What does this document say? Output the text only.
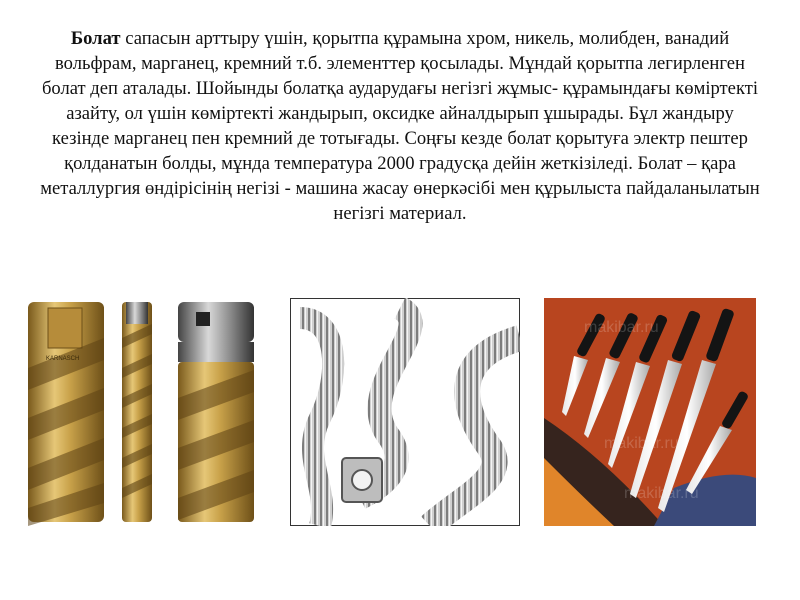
Болат сапасын арттыру үшін, қорытпа құрамына хром, никель, молибден, ванадий вольфрам, марганец, кремний т.б. элементтер қосылады. Мұндай қорытпа легирленген болат деп аталады. Шойынды болатқа аударудағы негізгі жұмыс- құрамындағы көміртекті азайту, ол үшін көміртекті жандырып, оксидке айналдырып ұшырады. Бұл жандыру кезінде марганец пен кремний де тотығады. Соңғы кезде болат қорытуға электр пештер қолданатын болды, мұнда температура 2000 градусқа дейін жеткізіледі. Болат – қара металлургия өндірісінің негізі - машина жасау өнеркәсібі мен құрылыста пайдаланылатын негізгі материал.

KARNASCH
makibar.ru
makibar.ru
makibar.ru
